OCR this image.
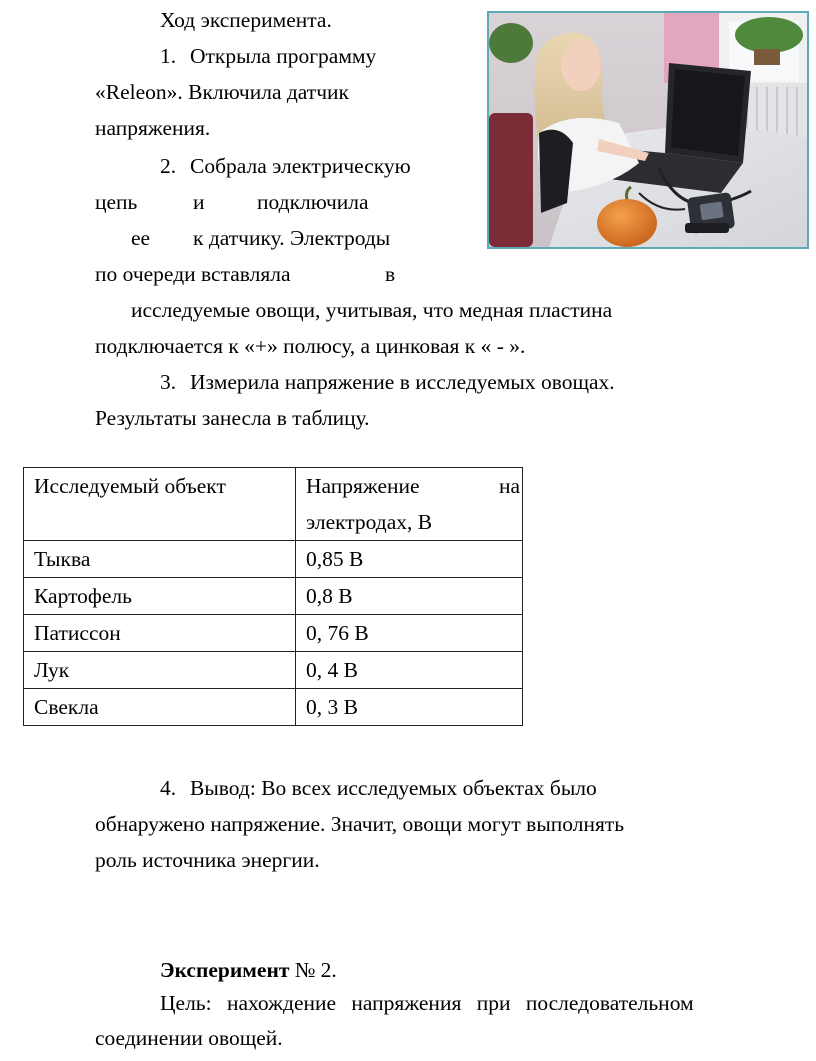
Ход эксперимента.
1. Открыла программу
«Releon». Включила датчик
напряжения.
2. Собрала электрическую
цепь	и подключила
ее к датчику. Электроды
по очереди вставляла	в
исследуемые овощи, учитывая, что медная пластина
подключается к «+» полюсу, а цинковая к « - ».
3. Измерила напряжение в исследуемых овощах.
Результаты занесла в таблицу.
Исследуемый объект	Напряжение на
электродах, В

Тыква	0,85 В
Картофель	0,8 В
Патиссон	0, 76 В
Лук	0, 4 В
Свекла	0, 3 В
4. Вывод: Во всех исследуемых объектах было
обнаружено напряжение. Значит, овощи могут выполнять
роль источника энергии.
Эксперимент № 2.
Цель: нахождение напряжения при последовательном
соединении овощей.
